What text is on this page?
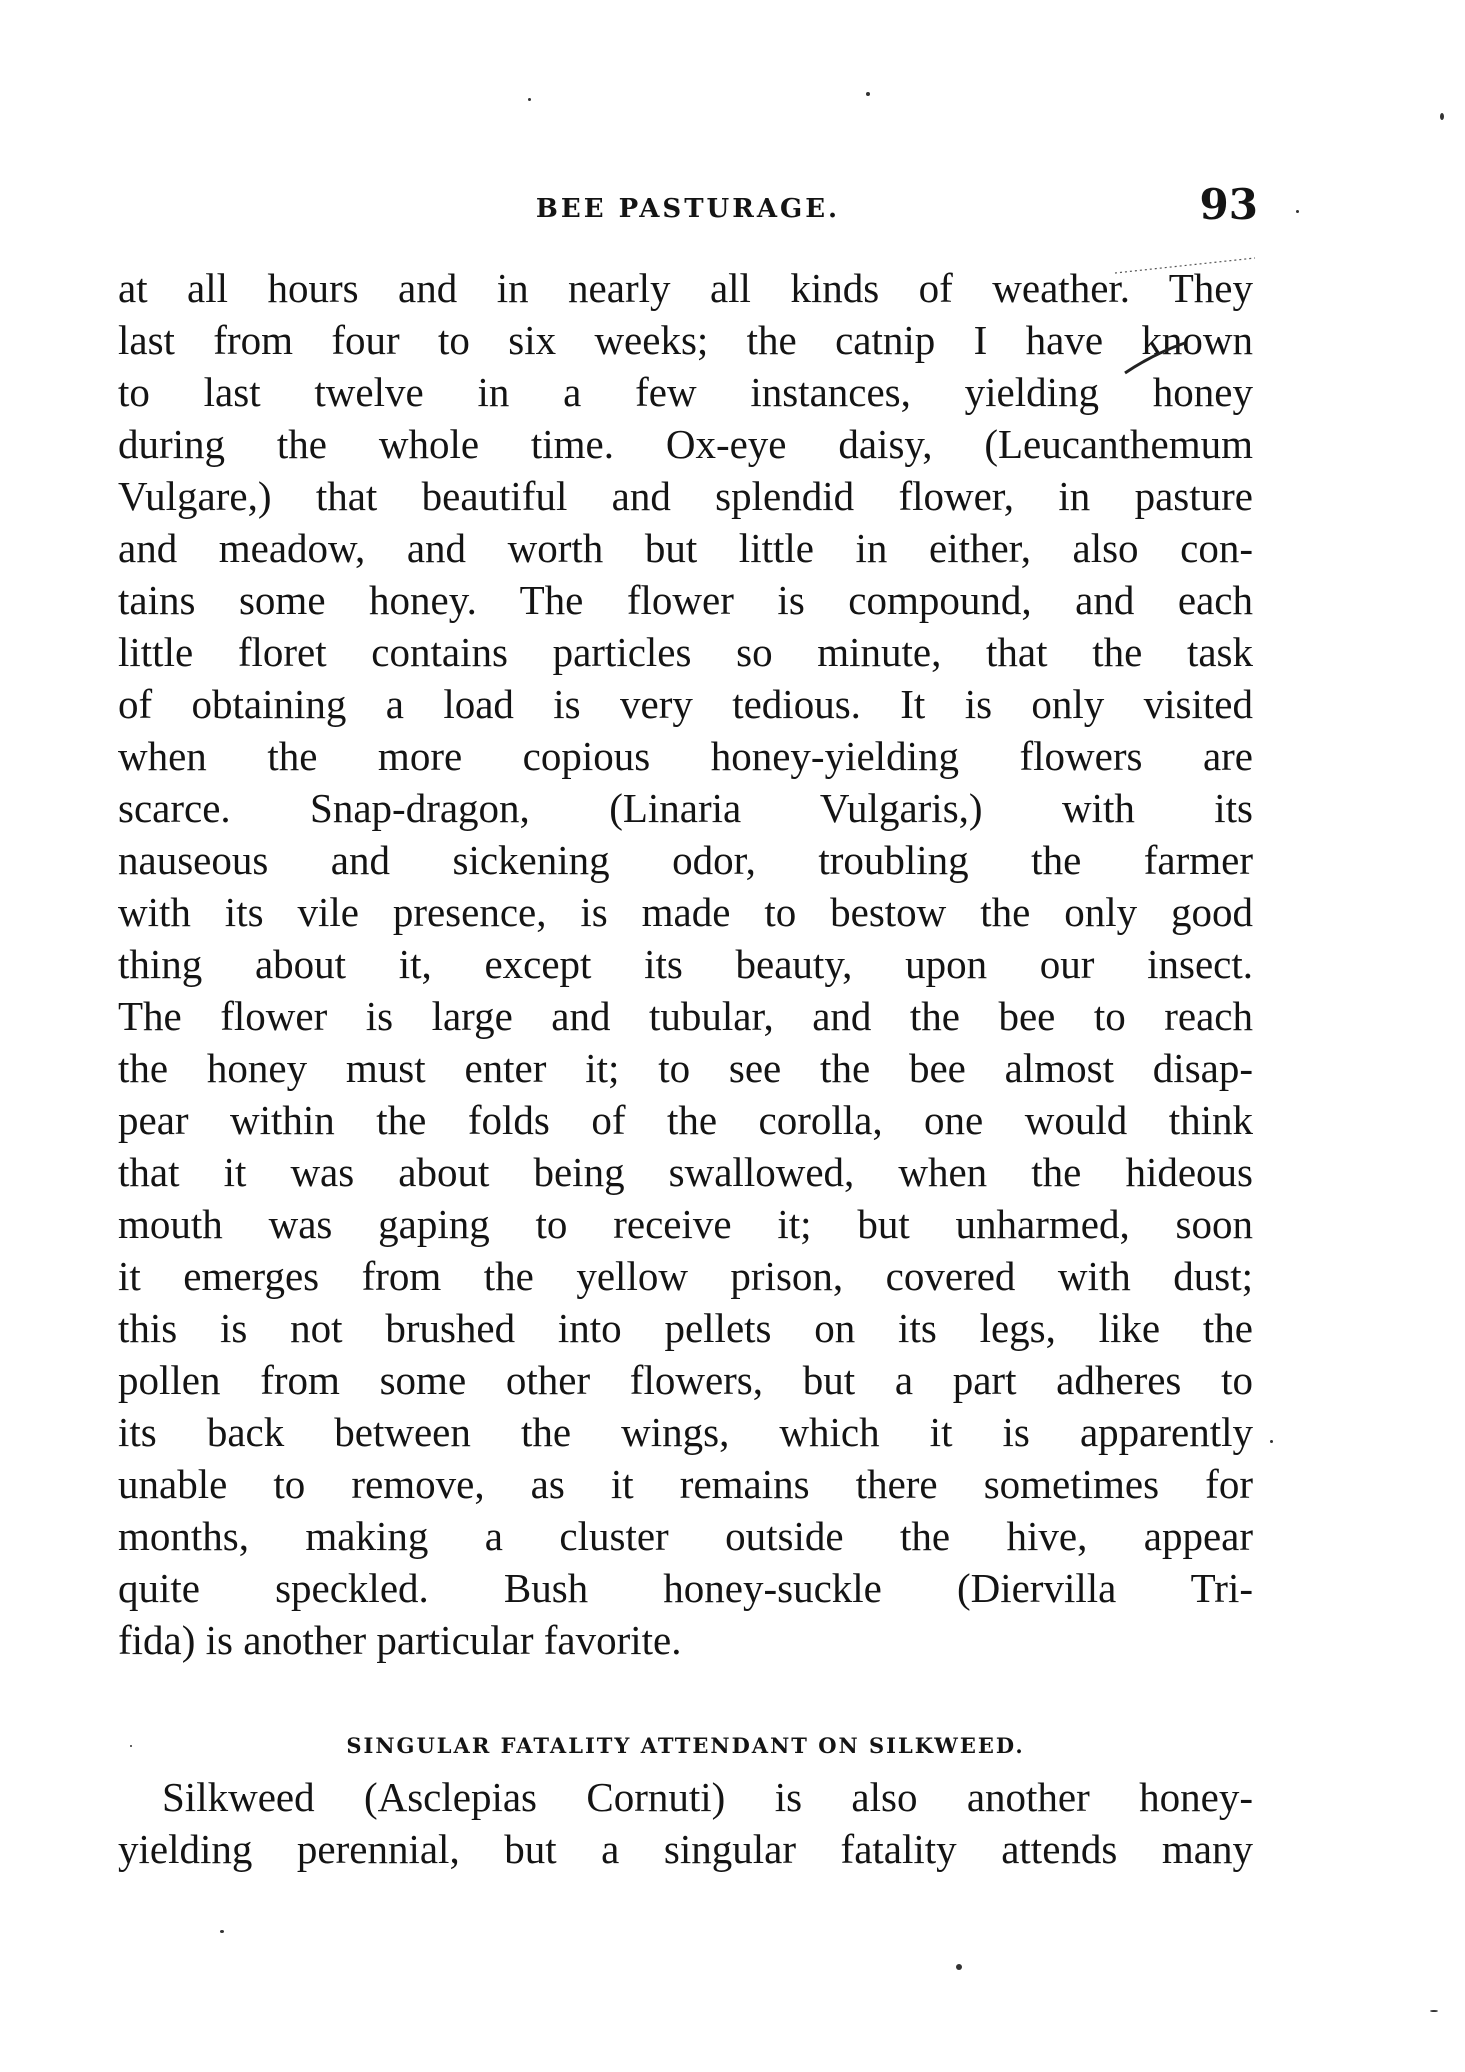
BEE PASTURAGE.	93
at all hours and in nearly all kinds of weather. They
last from four to six weeks; the catnip I have known
to last twelve in a few instances, yielding honey
during the whole time. Ox-eye daisy, (Leucanthemum
Vulgare,) that beautiful and splendid flower, in pasture
and meadow, and worth but little in either, also con-
tains some honey. The flower is compound, and each
little floret contains particles so minute, that the task
of obtaining a load is very tedious. It is only visited
when the more copious honey-yielding flowers are
scarce. Snap-dragon, (Linaria Vulgaris,) with its
nauseous and sickening odor, troubling the farmer
with its vile presence, is made to bestow the only good
thing about it, except its beauty, upon our insect.
The flower is large and tubular, and the bee to reach
the honey must enter it; to see the bee almost disap-
pear within the folds of the corolla, one would think
that it was about being swallowed, when the hideous
mouth was gaping to receive it; but unharmed, soon
it emerges from the yellow prison, covered with dust;
this is not brushed into pellets on its legs, like the
pollen from some other flowers, but a part adheres to
its back between the wings, which it is apparently
unable to remove, as it remains there sometimes for
months, making a cluster outside the hive, appear
quite speckled. Bush honey-suckle (Diervilla Tri-
fida) is another particular favorite.
SINGULAR FATALITY ATTENDANT ON SILKWEED.
Silkweed (Asclepias Cornuti) is also another honey-
yielding perennial, but a singular fatality attends many
